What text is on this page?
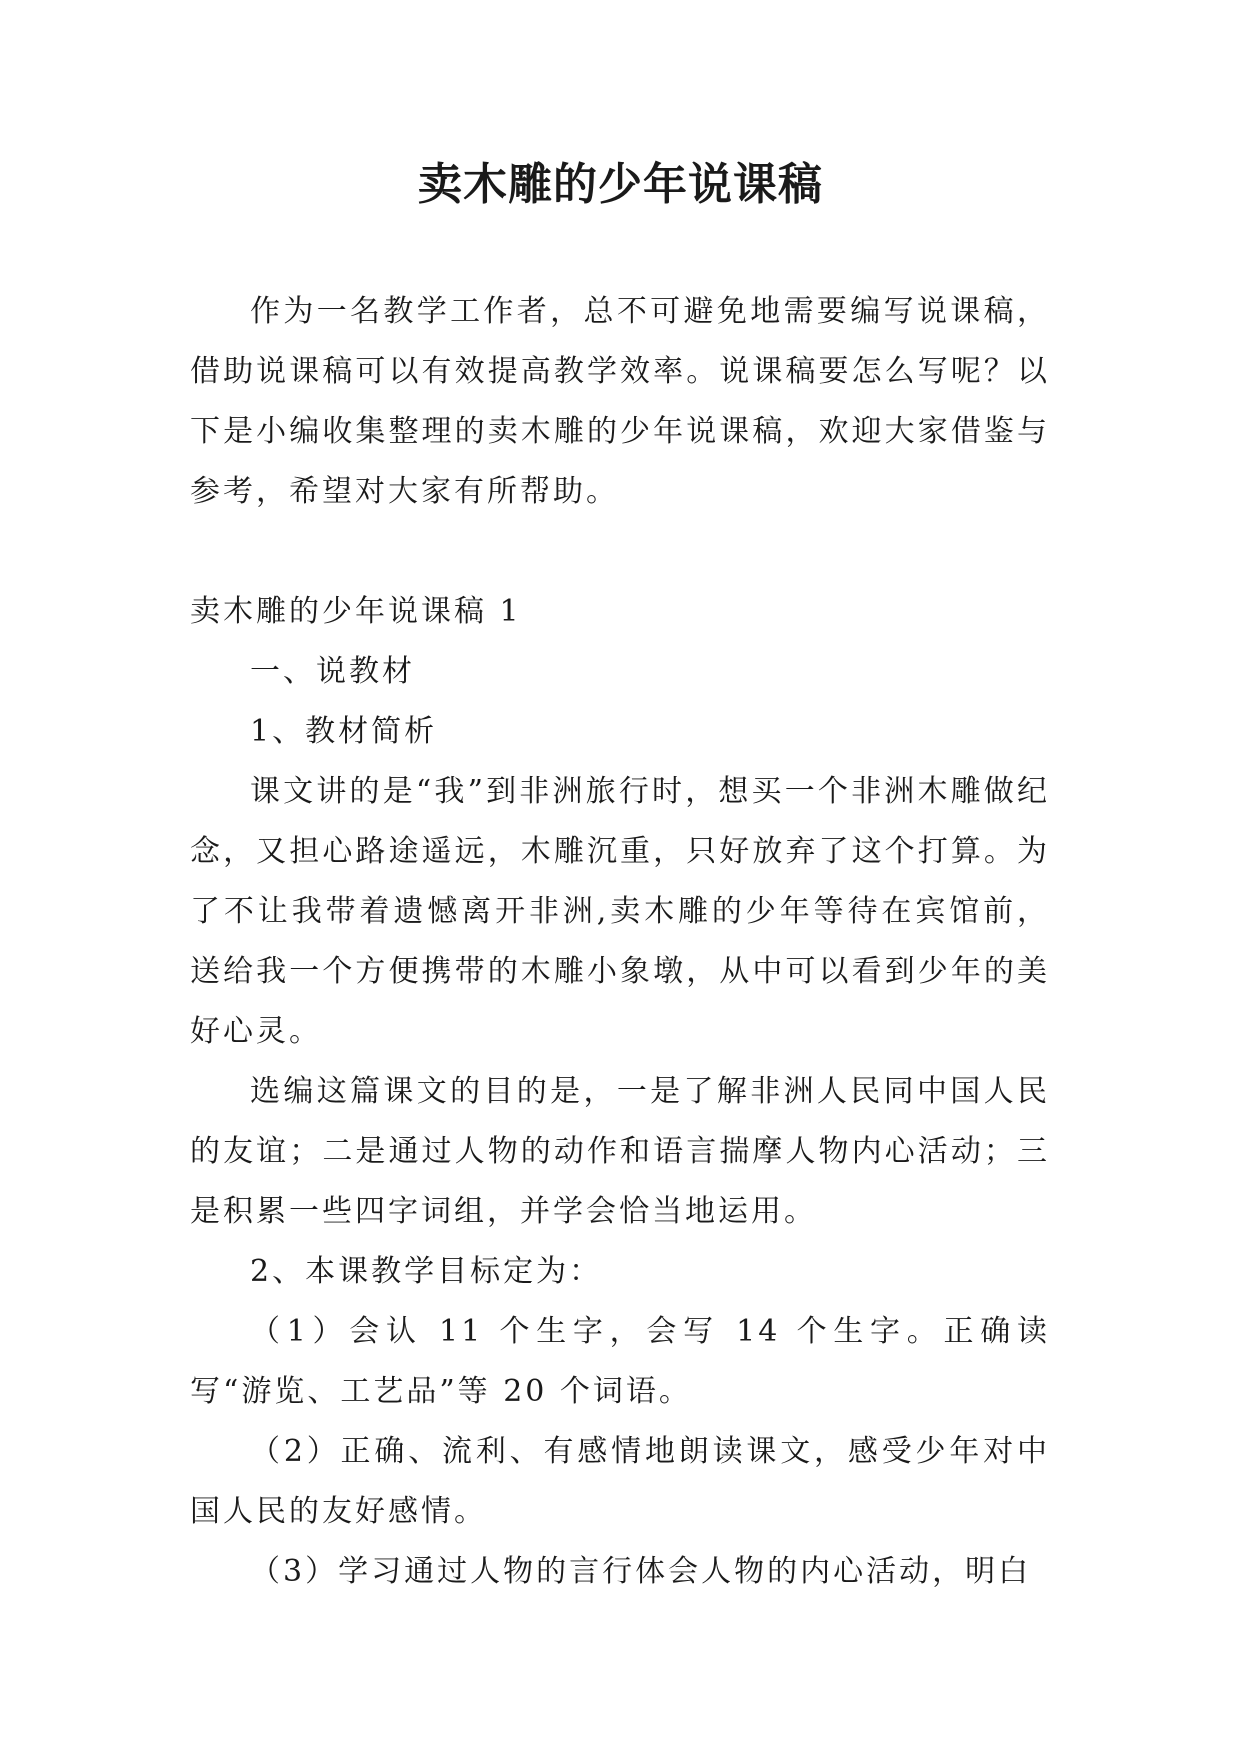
卖木雕的少年说课稿

作为一名教学工作者，总不可避免地需要编写说课稿，借助说课稿可以有效提高教学效率。说课稿要怎么写呢？以下是小编收集整理的卖木雕的少年说课稿，欢迎大家借鉴与参考，希望对大家有所帮助。

卖木雕的少年说课稿 1

一、说教材

1、教材简析

课文讲的是“我”到非洲旅行时，想买一个非洲木雕做纪念，又担心路途遥远，木雕沉重，只好放弃了这个打算。为了不让我带着遗憾离开非洲,卖木雕的少年等待在宾馆前，送给我一个方便携带的木雕小象墩，从中可以看到少年的美好心灵。

选编这篇课文的目的是，一是了解非洲人民同中国人民的友谊；二是通过人物的动作和语言揣摩人物内心活动；三是积累一些四字词组，并学会恰当地运用。

2、本课教学目标定为：

（1）会认 11 个生字，会写 14 个生字。正确读写“游览、工艺品”等 20 个词语。

（2）正确、流利、有感情地朗读课文，感受少年对中国人民的友好感情。

（3）学习通过人物的言行体会人物的内心活动，明白
